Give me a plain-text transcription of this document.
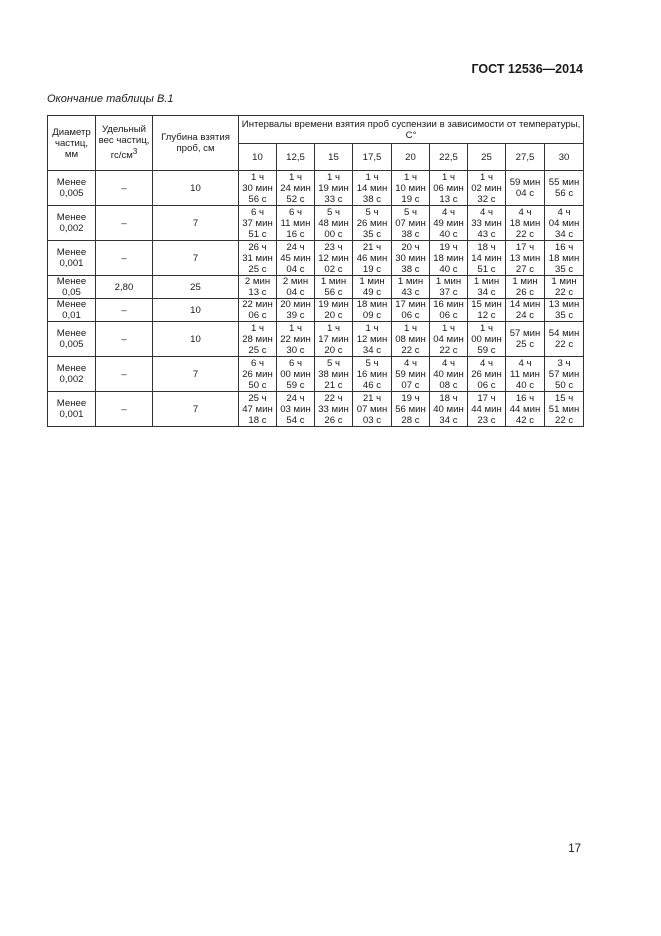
ГОСТ 12536—2014
Окончание таблицы В.1
Диаметр частиц, мм	Удельный вес частиц, $гс/см^3$	Глубина взятия проб, см	Интервалы времени взятия проб суспензии в зависимости от температуры, С°								
			10	12,5	15	17,5	20	22,5	25	27,5	30

Менее
0,005	–	10	1 ч
30 мин
56 с	1 ч
24 мин
52 с	1 ч
19 мин
33 с	1 ч
14 мин
38 с	1 ч
10 мин
19 с	1 ч
06 мин
13 с	1 ч
02 мин
32 с	59 мин
04 с	55 мин
56 с

Менее
0,002	–	7	6 ч
37 мин
51 с	6 ч
11 мин
16 с	5 ч
48 мин
00 с	5 ч
26 мин
35 с	5 ч
07 мин
38 с	4 ч
49 мин
40 с	4 ч
33 мин
43 с	4 ч
18 мин
22 с	4 ч
04 мин
34 с

Менее
0,001	–	7	26 ч
31 мин
25 с	24 ч
45 мин
04 с	23 ч
12 мин
02 с	21 ч
46 мин
19 с	20 ч
30 мин
38 с	19 ч
18 мин
40 с	18 ч
14 мин
51 с	17 ч
13 мин
27 с	16 ч
18 мин
35 с

Менее
0,05	2,80	25	2 мин
13 с	2 мин
04 с	1 мин
56 с	1 мин
49 с	1 мин
43 с	1 мин
37 с	1 мин
34 с	1 мин
26 с	1 мин
22 с

Менее
0,01	–	10	22 мин
06 с	20 мин
39 с	19 мин
20 с	18 мин
09 с	17 мин
06 с	16 мин
06 с	15 мин
12 с	14 мин
24 с	13 мин
35 с

Менее
0,005	–	10	1 ч
28 мин
25 с	1 ч
22 мин
30 с	1 ч
17 мин
20 с	1 ч
12 мин
34 с	1 ч
08 мин
22 с	1 ч
04 мин
22 с	1 ч
00 мин
59 с	57 мин
25 с	54 мин
22 с

Менее
0,002	–	7	6 ч
26 мин
50 с	6 ч
00 мин
59 с	5 ч
38 мин
21 с	5 ч
16 мин
46 с	4 ч
59 мин
07 с	4 ч
40 мин
08 с	4 ч
26 мин
06 с	4 ч
11 мин
40 с	3 ч
57 мин
50 с

Менее
0,001	–	7	25 ч
47 мин
18 с	24 ч
03 мин
54 с	22 ч
33 мин
26 с	21 ч
07 мин
03 с	19 ч
56 мин
28 с	18 ч
40 мин
34 с	17 ч
44 мин
23 с	16 ч
44 мин
42 с	15 ч
51 мин
22 с
17
